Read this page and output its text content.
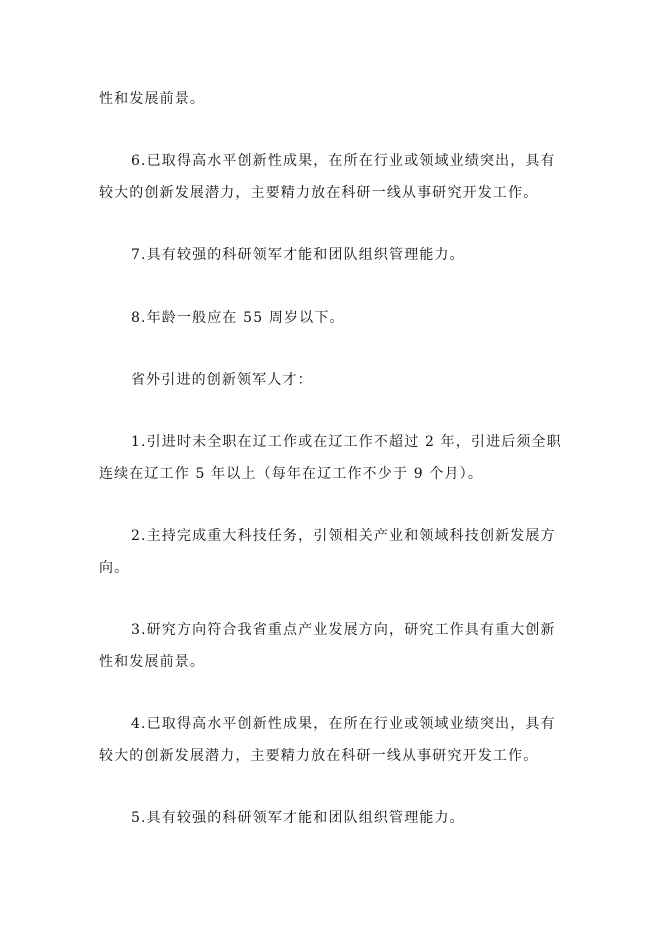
性和发展前景。
6.已取得高水平创新性成果，在所在行业或领域业绩突出，具有
较大的创新发展潜力，主要精力放在科研一线从事研究开发工作。
7.具有较强的科研领军才能和团队组织管理能力。
8.年龄一般应在 55 周岁以下。
省外引进的创新领军人才：
1.引进时未全职在辽工作或在辽工作不超过 2 年，引进后须全职
连续在辽工作 5 年以上（每年在辽工作不少于 9 个月）。
2.主持完成重大科技任务，引领相关产业和领域科技创新发展方
向。
3.研究方向符合我省重点产业发展方向，研究工作具有重大创新
性和发展前景。
4.已取得高水平创新性成果，在所在行业或领域业绩突出，具有
较大的创新发展潜力，主要精力放在科研一线从事研究开发工作。
5.具有较强的科研领军才能和团队组织管理能力。
